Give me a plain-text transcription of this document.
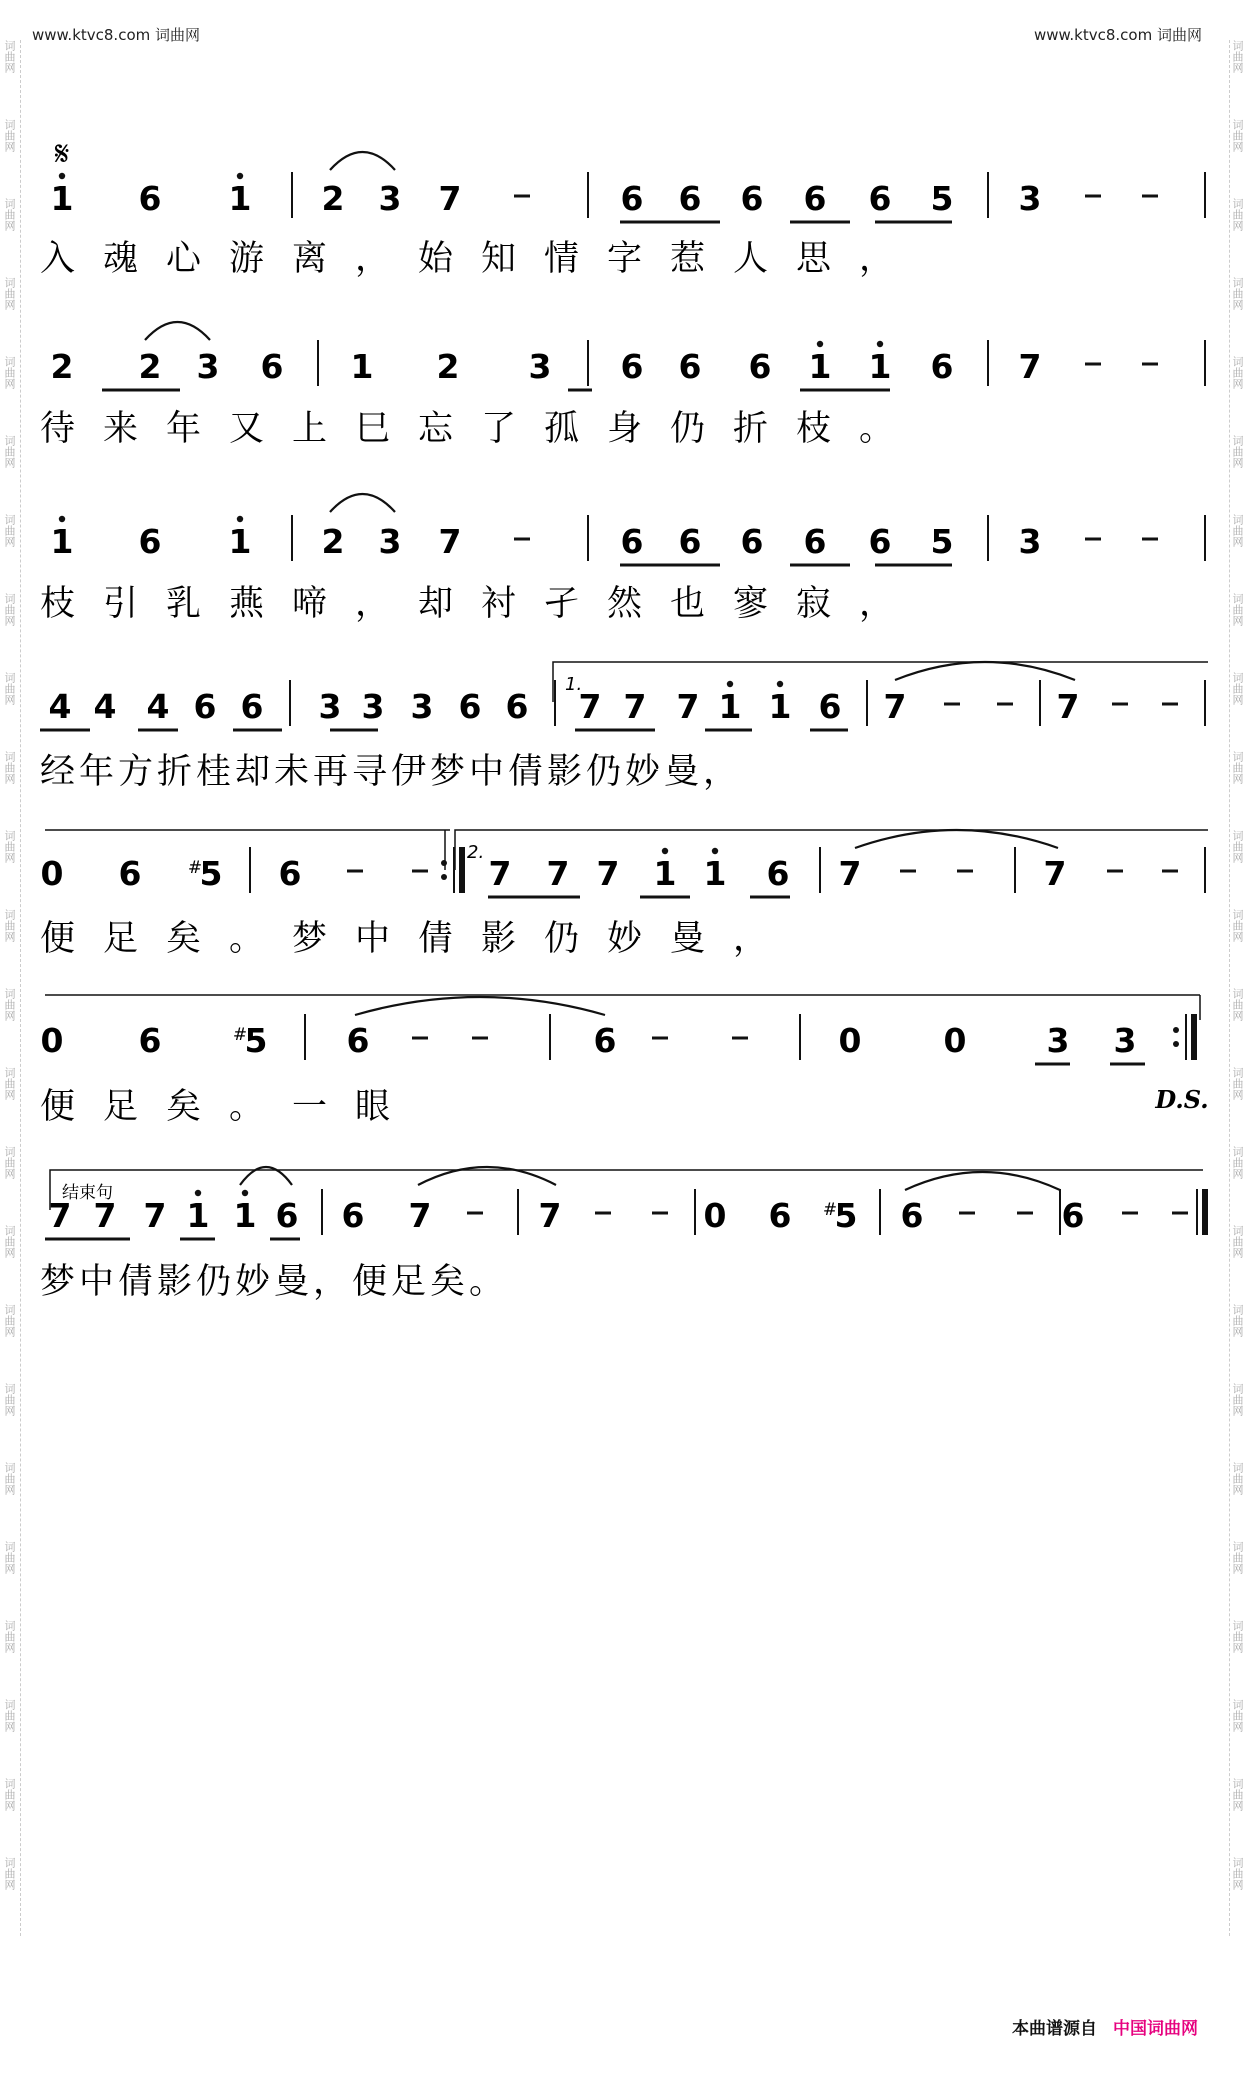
www.ktvc8.com 词曲网	www.ktvc8.com 词曲网
词曲网
词曲网
词曲网
词曲网
词曲网
词曲网
词曲网
词曲网
词曲网
词曲网
词曲网
词曲网
词曲网
词曲网
词曲网
词曲网
词曲网
词曲网
词曲网
词曲网
词曲网
词曲网
词曲网
词曲网
词曲网
词曲网
词曲网
词曲网
词曲网
词曲网
词曲网
词曲网
词曲网
词曲网
词曲网
词曲网
词曲网
词曲网
词曲网
词曲网
词曲网
词曲网
词曲网
词曲网
词曲网
词曲网
词曲网
词曲网
1 6 1 2 3 7	6 6 6 6 6 5 3
入魂心游离，始知情字惹人思，
2 2 3 6 1 2 3 6 6 6 1 1 6 7
待来年又上巳忘了孤身仍折枝。
1 6 1 2 3 7	6 6 6 6 6 5 3
枝引乳燕啼，却衬孑然也寥寂，
4 4 4 6 6 3 3 3 6 6 7 7 7 1 1 6 7	7
经年方折桂却未再寻伊梦中倩影仍妙曼，
0 6 5
# 6	7 7 7 1 1 6 7	7
便足矣。梦中倩影仍妙曼，
0 6	5
#	6	6	0 0 3 3
便足矣。一眼
7 7 7 1 1 6 6 7	7	0 6 5
# 6	6
梦中倩影仍妙曼，便足矣。
𝄋
1.
2.
结束句
D.S.
本曲谱源自 中国词曲网
